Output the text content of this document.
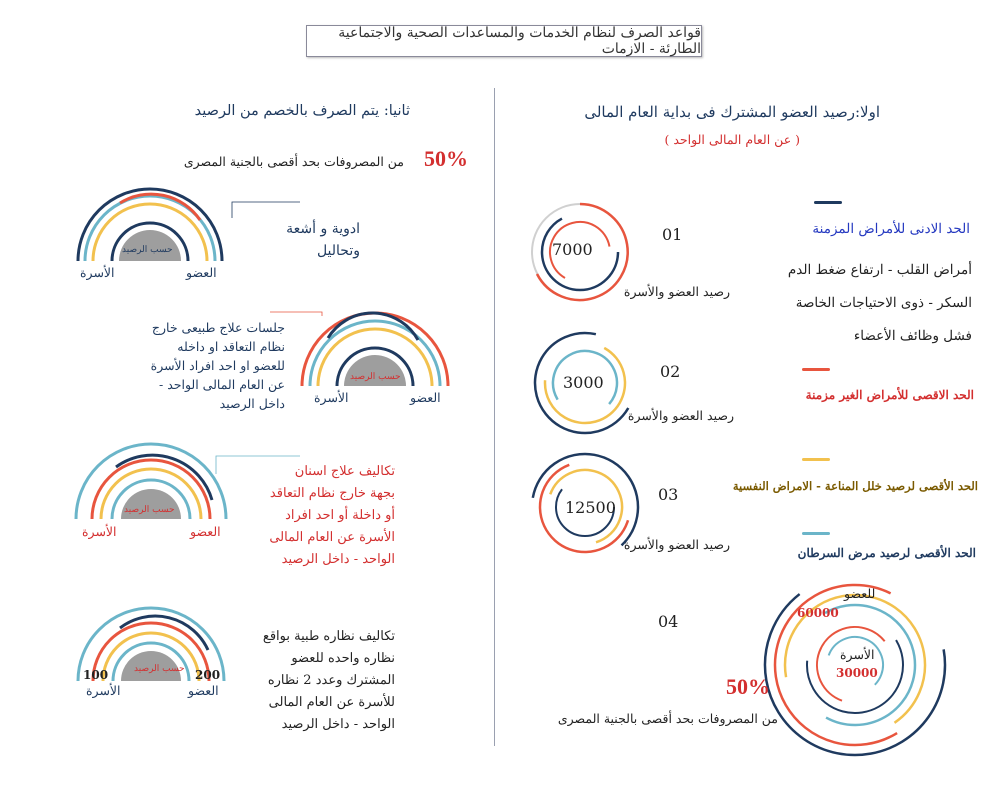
قواعد الصرف لنظام الخدمات والمساعدات الصحية والاجتماعية الطارئة - الازمات
ثانيا: يتم الصرف بالخصم من الرصيد
50%
من المصروفات بحد أقصى بالجنية المصرى
حسب الرصيد
العضو
الأسرة
ادوية و أشعة
وتحاليل
حسب الرصيد
العضو
الأسرة
جلسات علاج طبيعى خارج
نظام التعاقد او داخله
للعضو او احد افراد الأسرة
عن العام المالى الواحد -
داخل الرصيد
حسب الرصيد
العضو
الأسرة
تكاليف علاج اسنان
بجهة خارج نظام التعاقد
أو داخلة أو احد افراد
الأسرة عن العام المالى
الواحد - داخل الرصيد
حسب الرصيد 200
100
العضو
الأسرة
تكاليف نظاره طبية بواقع
نظاره واحده للعضو
المشترك وعدد 2 نظاره
للأسرة عن العام المالى
الواحد - داخل الرصيد
اولا:رصيد العضو المشترك فى بداية العام المالى
( عن العام المالى الواحد )
7000
01
رصيد العضو والأسرة
الحد الادنى للأمراض المزمنة
أمراض القلب - ارتفاع ضغط الدم
السكر - ذوى الاحتياجات الخاصة
فشل وظائف الأعضاء
3000
02
رصيد العضو والأسرة
الحد الاقصى للأمراض الغير مزمنة
12500
03
رصيد العضو والأسرة
الحد الأقصى لرصيد خلل المناعة - الامراض النفسية
04
الحد الأقصى لرصيد مرض السرطان
للعضو
60000
الأسرة
30000
50%
من المصروفات بحد أقصى بالجنية المصرى
